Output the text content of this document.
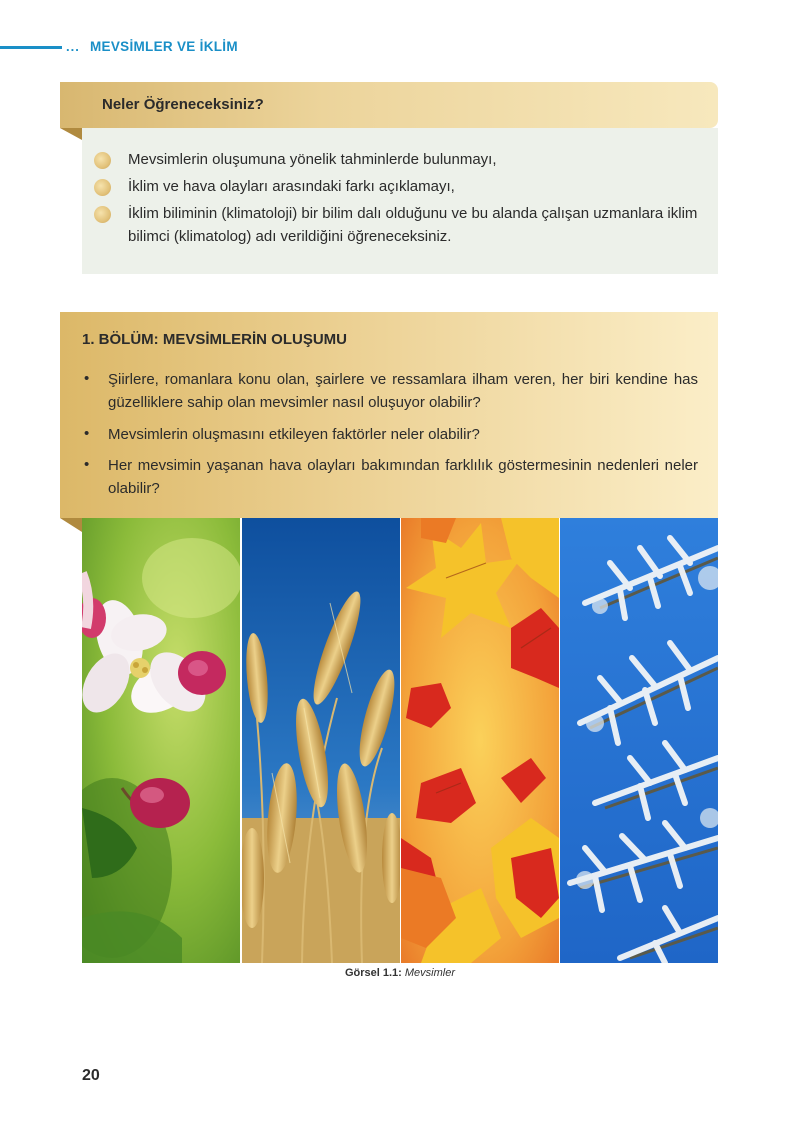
... MEVSİMLER VE İKLİM
Neler Öğreneceksiniz?
Mevsimlerin oluşumuna yönelik tahminlerde bulunmayı,
İklim ve hava olayları arasındaki farkı açıklamayı,
İklim biliminin (klimatoloji) bir bilim dalı olduğunu ve bu alanda çalışan uzmanlara iklim bilimci (klimatolog) adı verildiğini öğreneceksiniz.
1. BÖLÜM: MEVSİMLERİN OLUŞUMU
• Şiirlere, romanlara konu olan, şairlere ve ressamlara ilham veren, her biri kendine has güzelliklere sahip olan mevsimler nasıl oluşuyor olabilir?
• Mevsimlerin oluşmasını etkileyen faktörler neler olabilir?
• Her mevsimin yaşanan hava olayları bakımından farklılık göstermesinin nedenleri neler olabilir?
Görsel 1.1: Mevsimler
20
